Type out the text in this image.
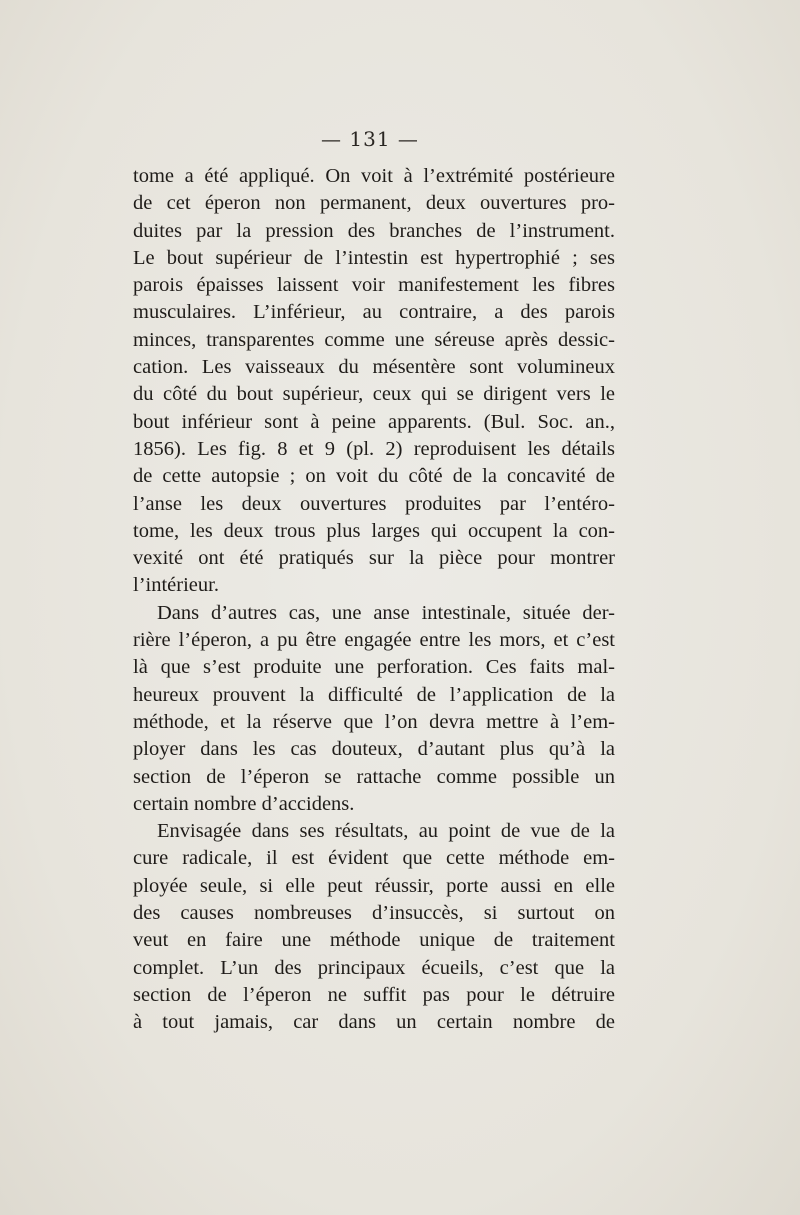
— 131 —
tome a été appliqué. On voit à l’extrémité postérieure
de cet éperon non permanent, deux ouvertures pro-
duites par la pression des branches de l’instrument.
Le bout supérieur de l’intestin est hypertrophié ; ses
parois épaisses laissent voir manifestement les fibres
musculaires. L’inférieur, au contraire, a des parois
minces, transparentes comme une séreuse après dessic-
cation. Les vaisseaux du mésentère sont volumineux
du côté du bout supérieur, ceux qui se dirigent vers le
bout inférieur sont à peine apparents. (Bul. Soc. an.,
1856). Les fig. 8 et 9 (pl. 2) reproduisent les détails
de cette autopsie ; on voit du côté de la concavité de
l’anse les deux ouvertures produites par l’entéro-
tome, les deux trous plus larges qui occupent la con-
vexité ont été pratiqués sur la pièce pour montrer
l’intérieur.
Dans d’autres cas, une anse intestinale, située der-
rière l’éperon, a pu être engagée entre les mors, et c’est
là que s’est produite une perforation. Ces faits mal-
heureux prouvent la difficulté de l’application de la
méthode, et la réserve que l’on devra mettre à l’em-
ployer dans les cas douteux, d’autant plus qu’à la
section de l’éperon se rattache comme possible un
certain nombre d’accidens.
Envisagée dans ses résultats, au point de vue de la
cure radicale, il est évident que cette méthode em-
ployée seule, si elle peut réussir, porte aussi en elle
des causes nombreuses d’insuccès, si surtout on
veut en faire une méthode unique de traitement
complet. L’un des principaux écueils, c’est que la
section de l’éperon ne suffit pas pour le détruire
à tout jamais, car dans un certain nombre de
